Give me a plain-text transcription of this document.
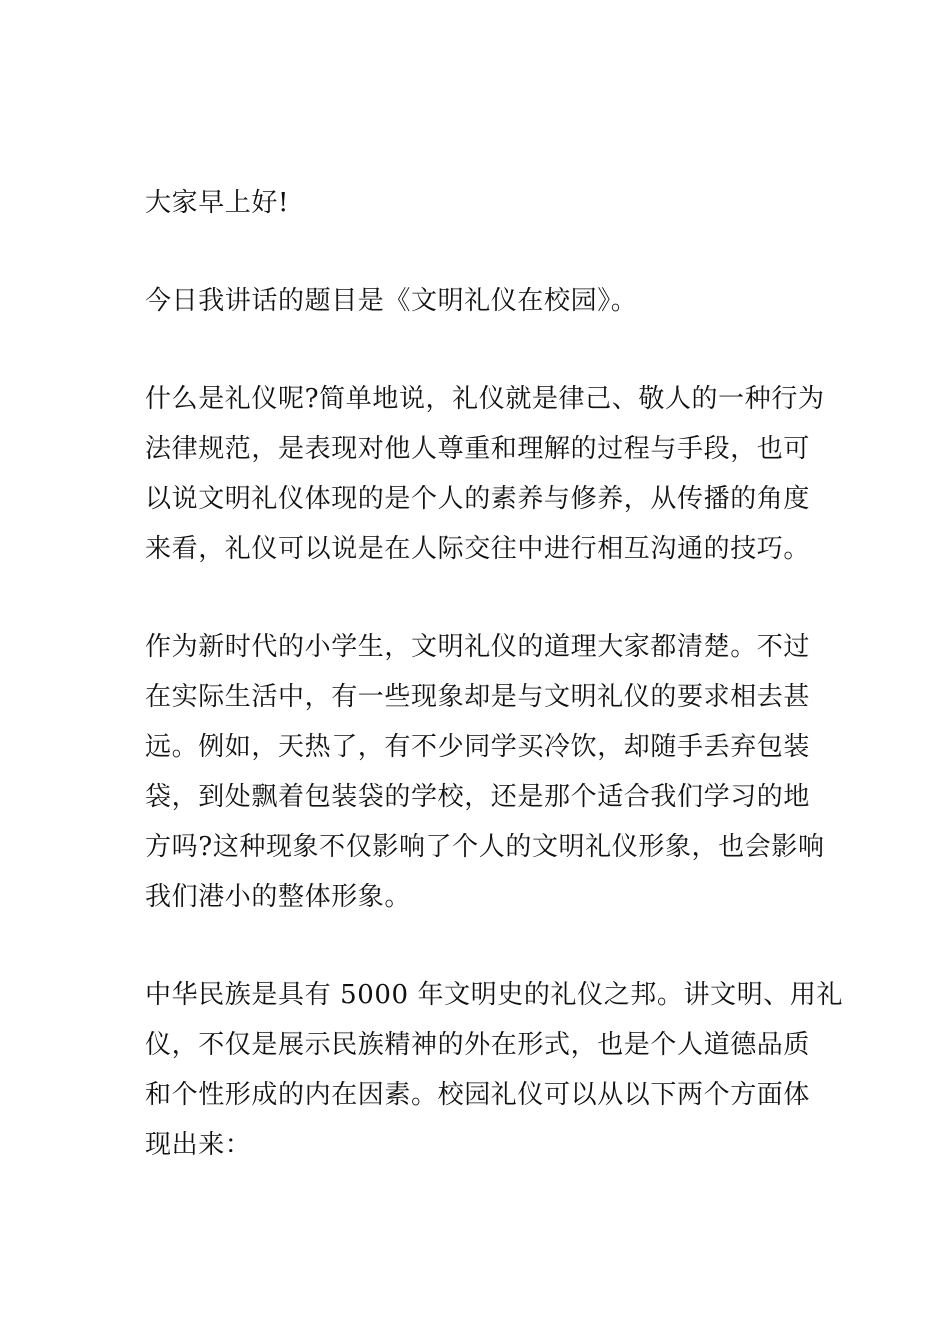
大家早上好!
今日我讲话的题目是《文明礼仪在校园》。
什么是礼仪呢?简单地说，礼仪就是律己、敬人的一种行为
法律规范，是表现对他人尊重和理解的过程与手段，也可
以说文明礼仪体现的是个人的素养与修养，从传播的角度
来看，礼仪可以说是在人际交往中进行相互沟通的技巧。
作为新时代的小学生，文明礼仪的道理大家都清楚。不过
在实际生活中，有一些现象却是与文明礼仪的要求相去甚
远。例如，天热了，有不少同学买冷饮，却随手丢弃包装
袋，到处飘着包装袋的学校，还是那个适合我们学习的地
方吗?这种现象不仅影响了个人的文明礼仪形象，也会影响
我们港小的整体形象。
中华民族是具有 5000 年文明史的礼仪之邦。讲文明、用礼
仪，不仅是展示民族精神的外在形式，也是个人道德品质
和个性形成的内在因素。校园礼仪可以从以下两个方面体
现出来：
